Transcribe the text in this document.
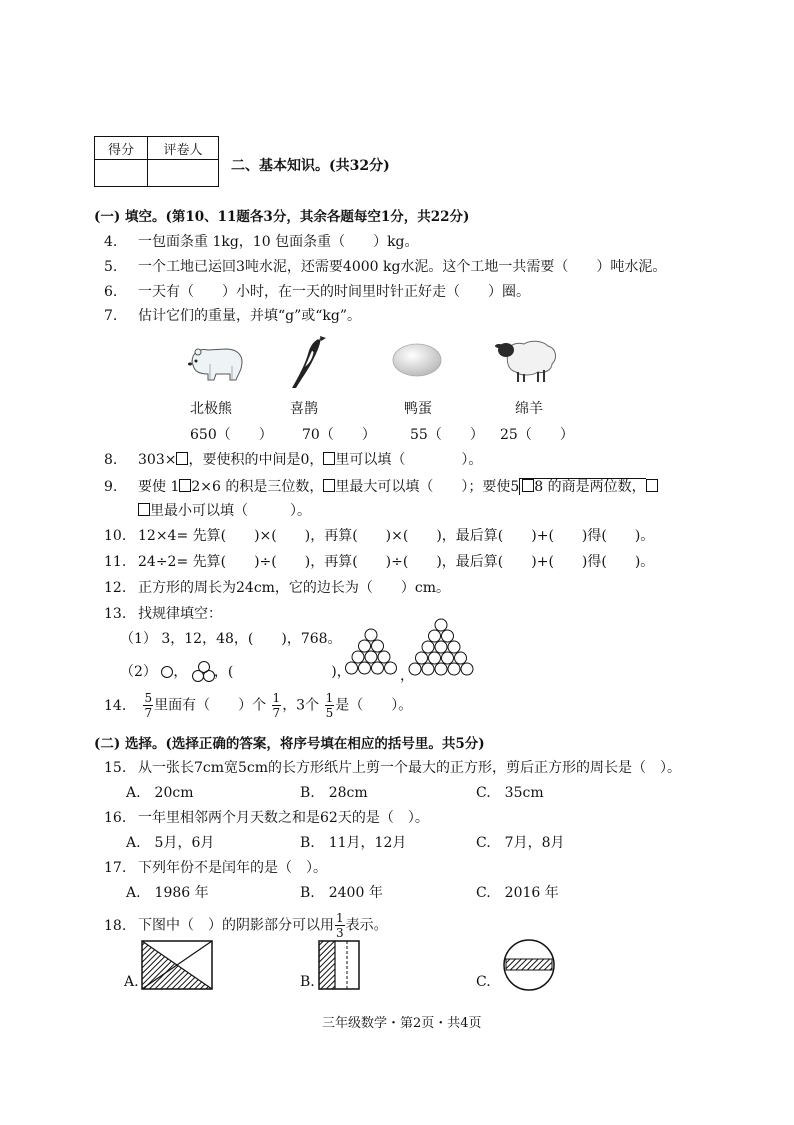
得分	评卷人

二、基本知识。(共32分)
(一) 填空。(第10、11题各3分，其余各题每空1分，共22分)
4. 一包面条重 1kg，10 包面条重（　　）kg。
5. 一个工地已运回3吨水泥，还需要4000 kg水泥。这个工地一共需要（　　）吨水泥。
6. 一天有（　　）小时，在一天的时间里时针正好走（　　）圈。
7. 估计它们的重量，并填“g”或“kg”。
北极熊	喜鹊	鸭蛋	绵羊
650（　　） 70（　　） 55（　　） 25（　　）
8. 303× ，要使积的中间是0， 里可以填（　　　　）。
9. 要使 1 2×6 的积是三位数， 里最大可以填（　　）；要使5 8 的商是两位数，
里最小可以填（　　　）。
10. 12×4= 先算(　　)×(　　)，再算(　　)×(　　)，最后算(　　)+(　　)得(　　)。
11. 24÷2= 先算(　　)÷(　　)，再算(　　)÷(　　)，最后算(　　)+(　　)得(　　)。
12. 正方形的周长为24cm，它的边长为（　　）cm。
13. 找规律填空：
（1） 3，12，48，(　　)，768。
（2） ，
，(　　　　　　　)，	，
14. $\frac{5}{7}$ 里面有（　　）个 $\frac{1}{7}$ ，3个 $\frac{1}{5}$ 是（　　）。
(二) 选择。(选择正确的答案，将序号填在相应的括号里。共5分)
15. 从一张长7cm宽5cm的长方形纸片上剪一个最大的正方形，剪后正方形的周长是（　）。
A.　20cm	B.　28cm	C.　35cm
16. 一年里相邻两个月天数之和是62天的是（　）。
A.　5月，6月	B.　11月，12月	C.　7月，8月
17. 下列年份不是闰年的是（　）。
A.　1986 年	B.　2400 年	C.　2016 年
18. 下图中（　）的阴影部分可以用 $\frac{1}{3}$ 表示。
A.	B.	C.
三年级数学・第2页・共4页
